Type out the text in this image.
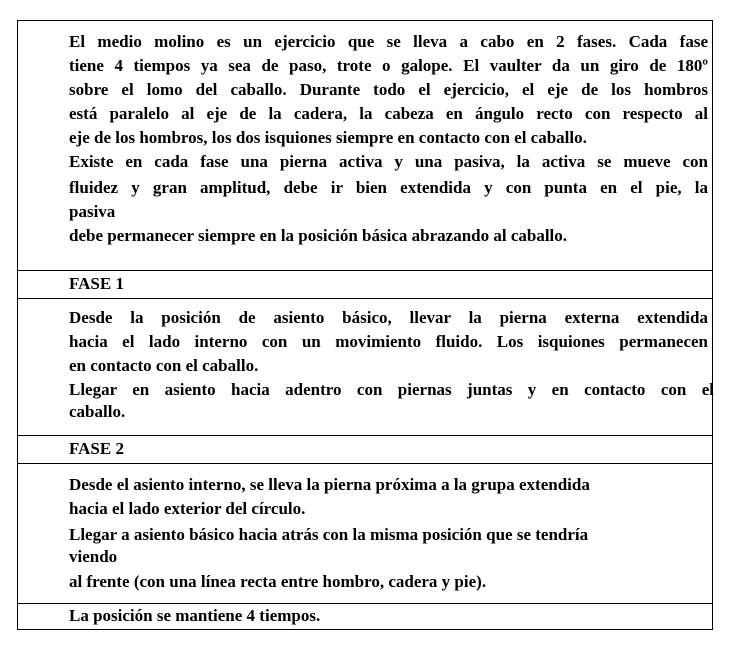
El medio molino es un ejercicio que se lleva a cabo en 2 fases. Cada fase
tiene 4 tiempos ya sea de paso, trote o galope. El vaulter da un giro de 180º
sobre el lomo del caballo. Durante todo el ejercicio, el eje de los hombros
está paralelo al eje de la cadera, la cabeza en ángulo recto con respecto al
eje de los hombros, los dos isquiones siempre en contacto con el caballo.
Existe en cada fase una pierna activa y una pasiva, la activa se mueve con
fluidez y gran amplitud, debe ir bien extendida y con punta en el pie, la
pasiva
debe permanecer siempre en la posición básica abrazando al caballo.
FASE 1
Desde la posición de asiento básico, llevar la pierna externa extendida
hacia el lado interno con un movimiento fluido. Los isquiones permanecen
en contacto con el caballo.
Llegar en asiento hacia adentro con piernas juntas y en contacto con el
caballo.
FASE 2
Desde el asiento interno, se lleva la pierna próxima a la grupa extendida
hacia el lado exterior del círculo.
Llegar a asiento básico hacia atrás con la misma posición que se tendría
viendo
al frente (con una línea recta entre hombro, cadera y pie).
La posición se mantiene 4 tiempos.
